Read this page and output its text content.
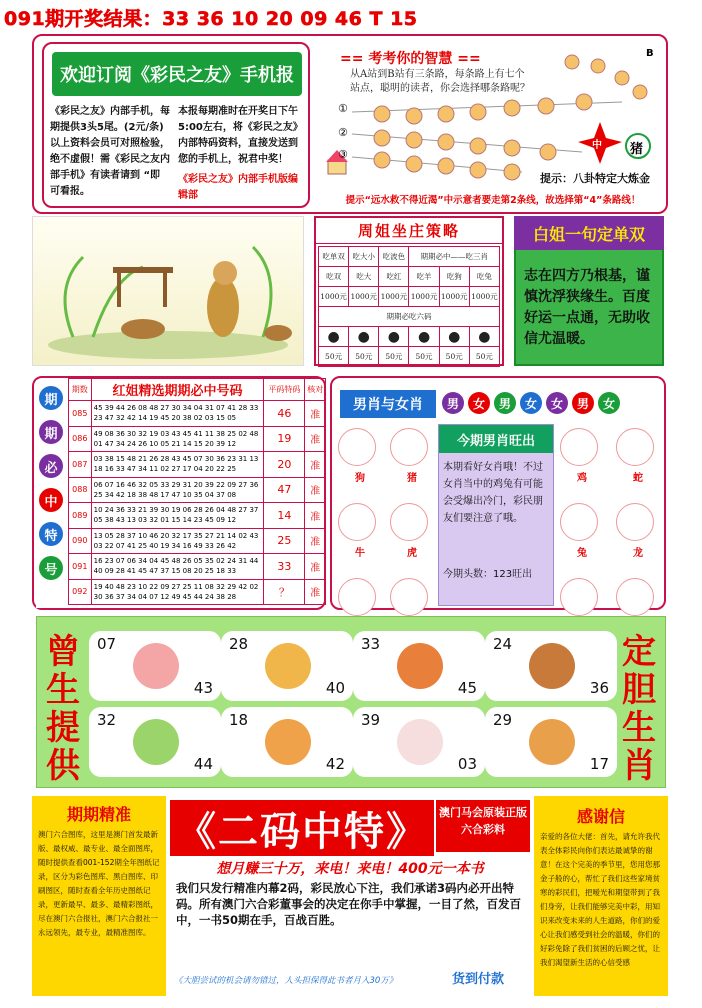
091期开奖结果：33 36 10 20 09 46 T 15
欢迎订阅《彩民之友》手机报
《彩民之友》内部手机，每期提供3头5尾。(2元/条)以上资料会员可对照检验，绝不虚假！需《彩民之友内部手机》有读者请到 “即可看报。
本报每期准时在开奖日下午5:00左右，将《彩民之友》内部特码资料，直接发送到您的手机上，祝君中奖！
《彩民之友》内部手机版编辑部
== 考考你的智慧 ==	B
从A站到B站有三条路，每条路上有七个站点，聪明的读者，你会选择哪条路呢？
①
②
③
中 猪
提示：八卦特定大炼金
提示“远水救不得近渴”中示意者要走第2条线，故选择第“4”条路线！
周姐坐庄策略
吃单双	吃大小	吃波色	期期必中——吃三肖		
吃双	吃大	吃红	吃羊	吃狗	吃兔
1000元	1000元	1000元	1000元	1000元	1000元
期期必吃六码					
●	●	●	●	●	●
50元	50元	50元	50元	50元	50元
白姐一句定单双
志在四方乃根基，谨慎沈浮狭缘生。百度好运一点通，无助收信尤温暖。
期
期
必
中
特
号
期数	红姐精选期期必中号码	平码特码	核对
085	45 39 44 26 08 48 27 30 34 04 31 07 41 28 33 23 47 32 42 14 19 45 20 38 02 03 15 05	46	准
086	49 08 36 30 32 19 03 43 45 41 11 38 25 02 48 01 47 34 24 26 10 05 21 14 15 20 39 12	19	准
087	03 38 15 48 21 26 28 43 45 07 30 36 23 31 13 18 16 33 47 34 11 02 27 17 04 20 22 25	20	准
088	06 07 16 46 32 05 33 29 31 20 39 22 09 27 36 25 34 42 18 38 48 17 47 10 35 04 37 08	47	准
089	10 24 36 33 21 39 30 19 06 28 26 04 48 27 37 05 38 43 13 03 32 01 15 14 23 45 09 12	14	准
090	13 05 28 37 10 46 20 32 17 35 27 21 14 02 43 03 22 07 41 25 40 19 34 16 49 33 26 42	25	准
091	16 23 07 06 34 04 45 48 26 05 35 02 24 31 44 40 09 28 41 45 47 37 15 08 20 25 18 33	33	准
092	19 40 48 23 10 22 09 27 25 11 08 32 29 42 02 30 36 37 34 04 07 12 49 45 44 24 38 28	？	准
男肖与女肖	男	女	男	女	女	男	女
狗	猪
牛	虎
今期男肖旺出
本期看好女肖哦！不过女肖当中的鸡兔有可能会受爆出冷门，彩民朋友们要注意了哦。
今期头数：123旺出
鸡	蛇
兔	龙
曾
生
提
供
定
胆
生
肖
07
43
28
40
33
45
24
36
32
44
18
42
39
03
29
17
期期精准
澳门六合图库，这里是澳门首发最新版、最权威、最专业、最全面图库，随时提供查看001-152期全年图纸记录，区分为彩色图库、黑白图库、印刷图区，随时查看全年历史图纸记录，更新最早、最多、最精彩图纸，尽在澳门六合报社，澳门六合报社一永远领先，最专业，最精准图库。
《二码中特》	澳门马会原装正版六合彩料
想月赚三十万，来电！来电！400元一本书
我们只发行精准内幕2码，彩民放心下注，我们承诺3码内必开出特码。所有澳门六合彩董事会的决定在你手中掌握，一目了然，百发百中，一书50期在手，百战百胜。
《大胆尝试的机会请勿错过，人头担保得此书者月入30万》	货到付款
感谢信
亲爱的各位大佬：首先，请允许我代表全体彩民向你们表达最诚挚的谢意！在这个完美的季节里，您用您那金子般的心，帮忙了我们这些家境贫寒的彩民们，把嗳光和期望带到了我们身旁，让我们能够完美中彩，用知识来改变未来的人生道路，你们的爱心让我们感受到社会的温暖，你们的好彩免除了我们贫困的后顾之忧，让我们渴望新生活的心信受感
